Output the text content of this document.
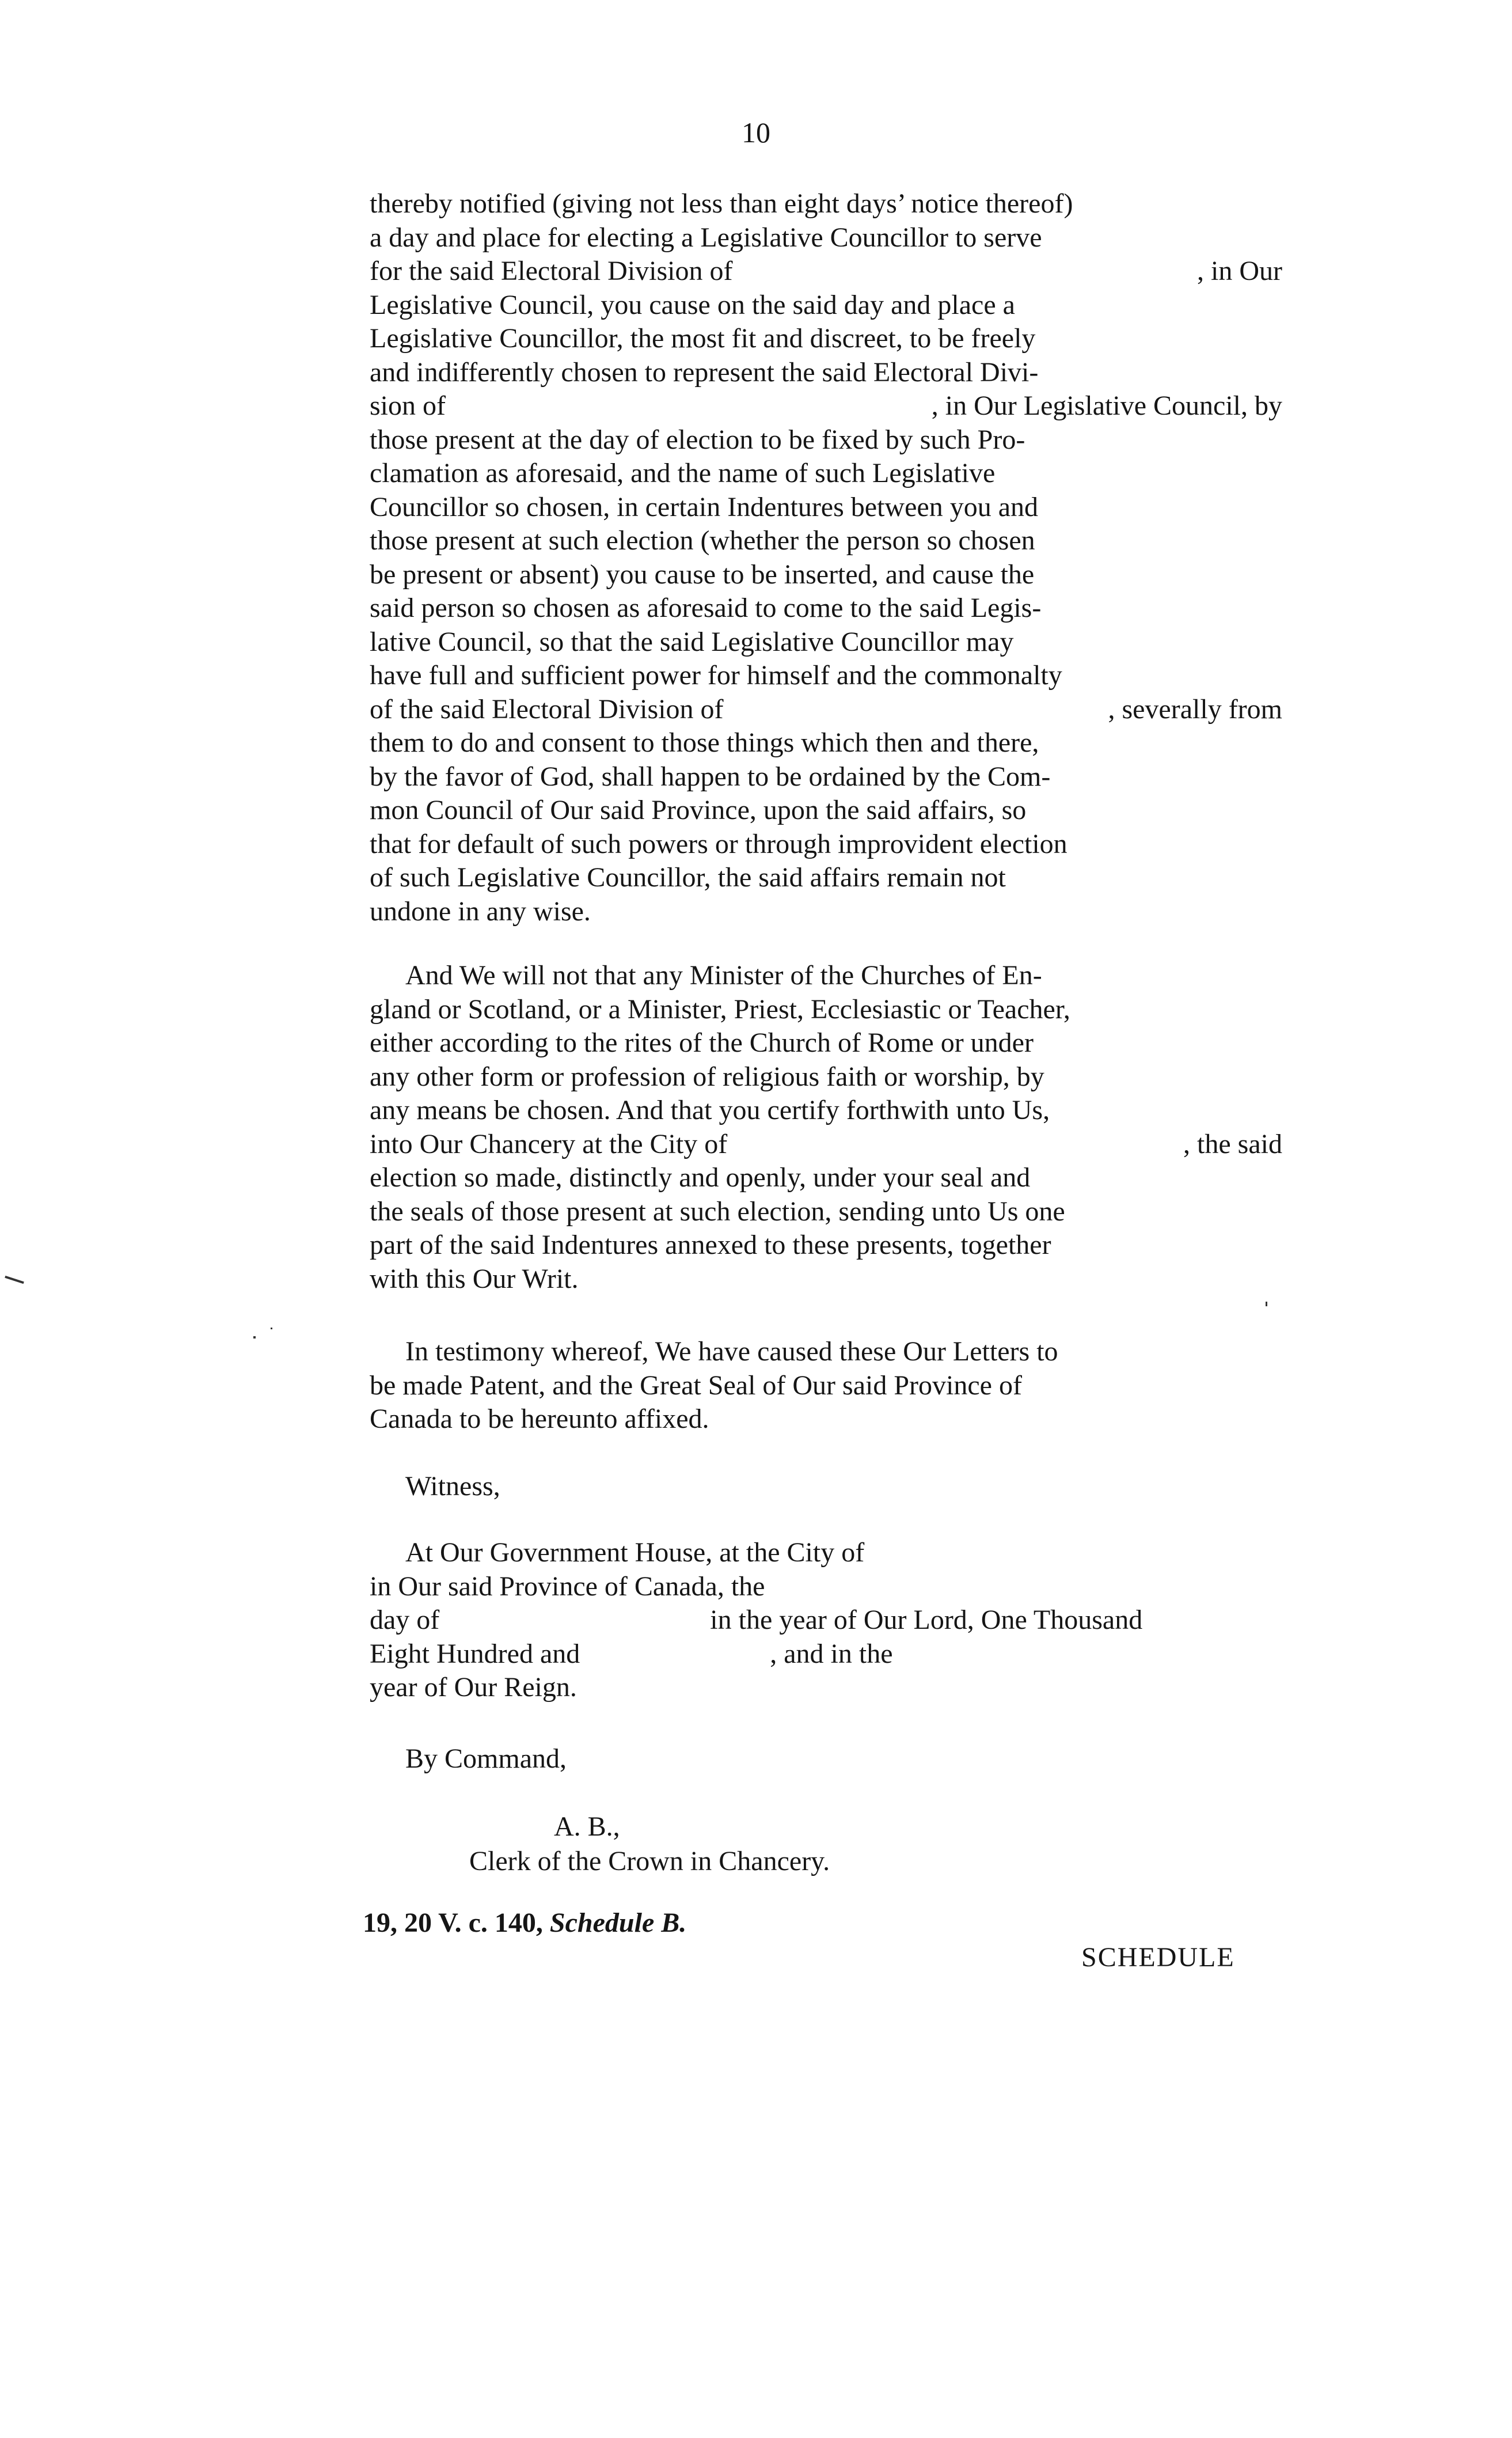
10
thereby notified (giving not less than eight days’ notice thereof)
a day and place for electing a Legislative Councillor to serve
for the said Electoral Division of	, in Our
Legislative Council, you cause on the said day and place a
Legislative Councillor, the most fit and discreet, to be freely
and indifferently chosen to represent the said Electoral Divi-
sion of	, in Our Legislative Council, by
those present at the day of election to be fixed by such Pro-
clamation as aforesaid, and the name of such Legislative
Councillor so chosen, in certain Indentures between you and
those present at such election (whether the person so chosen
be present or absent) you cause to be inserted, and cause the
said person so chosen as aforesaid to come to the said Legis-
lative Council, so that the said Legislative Councillor may
have full and sufficient power for himself and the commonalty
of the said Electoral Division of	, severally from
them to do and consent to those things which then and there,
by the favor of God, shall happen to be ordained by the Com-
mon Council of Our said Province, upon the said affairs, so
that for default of such powers or through improvident election
of such Legislative Councillor, the said affairs remain not
undone in any wise.
And We will not that any Minister of the Churches of En-
gland or Scotland, or a Minister, Priest, Ecclesiastic or Teacher,
either according to the rites of the Church of Rome or under
any other form or profession of religious faith or worship, by
any means be chosen. And that you certify forthwith unto Us,
into Our Chancery at the City of	, the said
election so made, distinctly and openly, under your seal and
the seals of those present at such election, sending unto Us one
part of the said Indentures annexed to these presents, together
with this Our Writ.
In testimony whereof, We have caused these Our Letters to
be made Patent, and the Great Seal of Our said Province of
Canada to be hereunto affixed.
Witness,
At Our Government House, at the City of
in Our said Province of Canada, the
day of	in the year of Our Lord, One Thousand
Eight Hundred and	, and in the
year of Our Reign.
By Command,
A. B.,
Clerk of the Crown in Chancery.
19, 20 V. c. 140, Schedule B.
SCHEDULE
